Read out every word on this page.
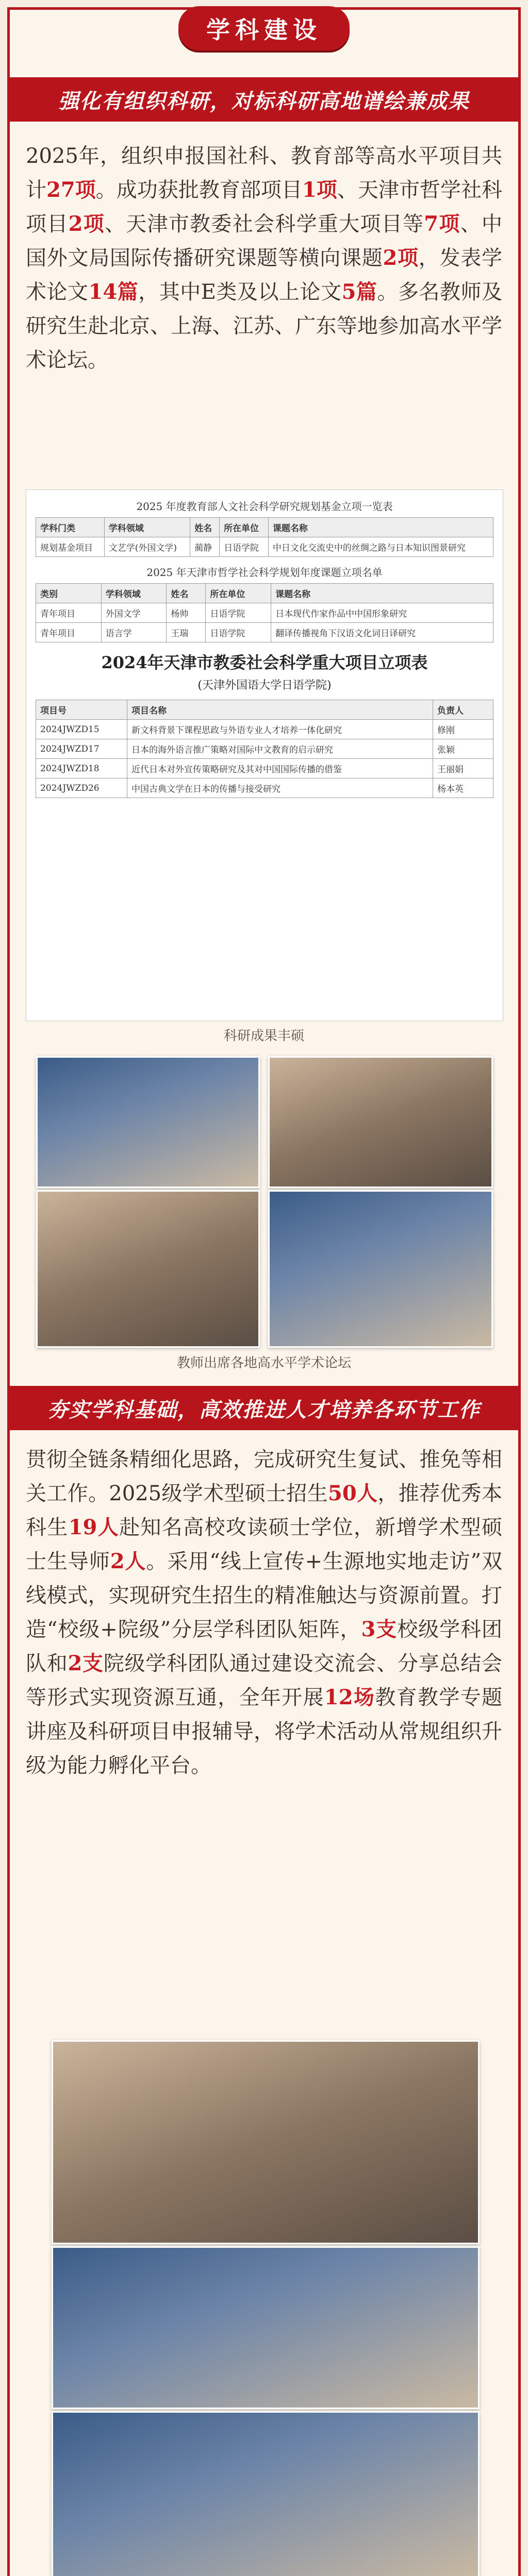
学科建设
强化有组织科研，对标科研高地谱绘兼成果
2025年，组织申报国社科、教育部等高水平项目共计27项。成功获批教育部项目1项、天津市哲学社科项目2项、天津市教委社会科学重大项目等7项、中国外文局国际传播研究课题等横向课题2项，发表学术论文14篇，其中E类及以上论文5篇。多名教师及研究生赴北京、上海、江苏、广东等地参加高水平学术论坛。
2025 年度教育部人文社会科学研究规划基金立项一览表
学科门类	学科领域	姓名	所在单位	课题名称
规划基金项目	文艺学(外国文学)	蔺静	日语学院	中日文化交流史中的丝绸之路与日本知识图景研究
2025 年天津市哲学社会科学规划年度课题立项名单
类别	学科领域	姓名	所在单位	课题名称
青年项目	外国文学	杨帅	日语学院	日本现代作家作品中中国形象研究
青年项目	语言学	王瑞	日语学院	翻译传播视角下汉语文化词日译研究
2024年天津市教委社会科学重大项目立项表
(天津外国语大学日语学院)
项目号	项目名称	负责人
2024JWZD15	新文科背景下课程思政与外语专业人才培养一体化研究	修刚
2024JWZD17	日本的海外语言推广策略对国际中文教育的启示研究	张颖
2024JWZD18	近代日本对外宣传策略研究及其对中国国际传播的借鉴	王丽娟
2024JWZD26	中国古典文学在日本的传播与接受研究	杨本英
科研成果丰硕
教师出席各地高水平学术论坛
夯实学科基础，高效推进人才培养各环节工作
贯彻全链条精细化思路，完成研究生复试、推免等相关工作。2025级学术型硕士招生50人，推荐优秀本科生19人赴知名高校攻读硕士学位，新增学术型硕士生导师2人。采用“线上宣传+生源地实地走访”双线模式，实现研究生招生的精准触达与资源前置。打造“校级+院级”分层学科团队矩阵，3支校级学科团队和2支院级学科团队通过建设交流会、分享总结会等形式实现资源互通，全年开展12场教育教学专题讲座及科研项目申报辅导，将学术活动从常规组织升级为能力孵化平台。
